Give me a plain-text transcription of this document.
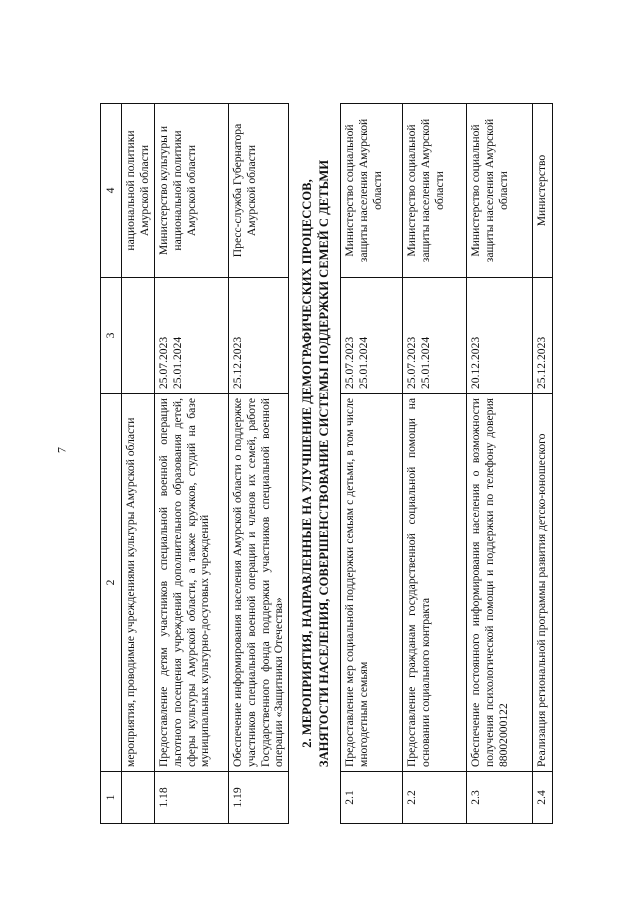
7
1	2	3	4
	мероприятия, проводимые учреждениями культуры Амурской области		национальной политики Амурской области
1.18	Предоставление детям участников специальной военной операции льготного посещения учреждений дополнительного образования детей, сферы культуры Амурской области, а также кружков, студий на базе муниципальных культурно-досуговых учреждений	25.07.2023 25.01.2024	Министерство культуры и национальной политики Амурской области
1.19	Обеспечение информирования населения Амурской области о поддержке участников специальной военной операции и членов их семей, работе Государственного фонда поддержки участников специальной военной операции «Защитники Отечества»	25.12.2023	Пресс-служба Губернатора Амурской области

2. МЕРОПРИЯТИЯ, НАПРАВЛЕННЫЕ НА УЛУЧШЕНИЕ ДЕМОГРАФИЧЕСКИХ ПРОЦЕССОВ, ЗАНЯТОСТИ НАСЕЛЕНИЯ, СОВЕРШЕНСТВОВАНИЕ СИСТЕМЫ ПОДДЕРЖКИ СЕМЕЙ С ДЕТЬМИ			

2.1	Предоставление мер социальной поддержки семьям с детьми, в том числе многодетным семьям	25.07.2023 25.01.2024	Министерство социальной защиты населения Амурской области
2.2	Предоставление гражданам государственной социальной помощи на основании социального контракта	25.07.2023 25.01.2024	Министерство социальной защиты населения Амурской области
2.3	Обеспечение постоянного информирования населения о возможности получения психологической помощи и поддержки по телефону доверия 88002000122	20.12.2023	Министерство социальной защиты населения Амурской области
2.4	Реализация региональной программы развития детско-юношеского	25.12.2023	Министерство
